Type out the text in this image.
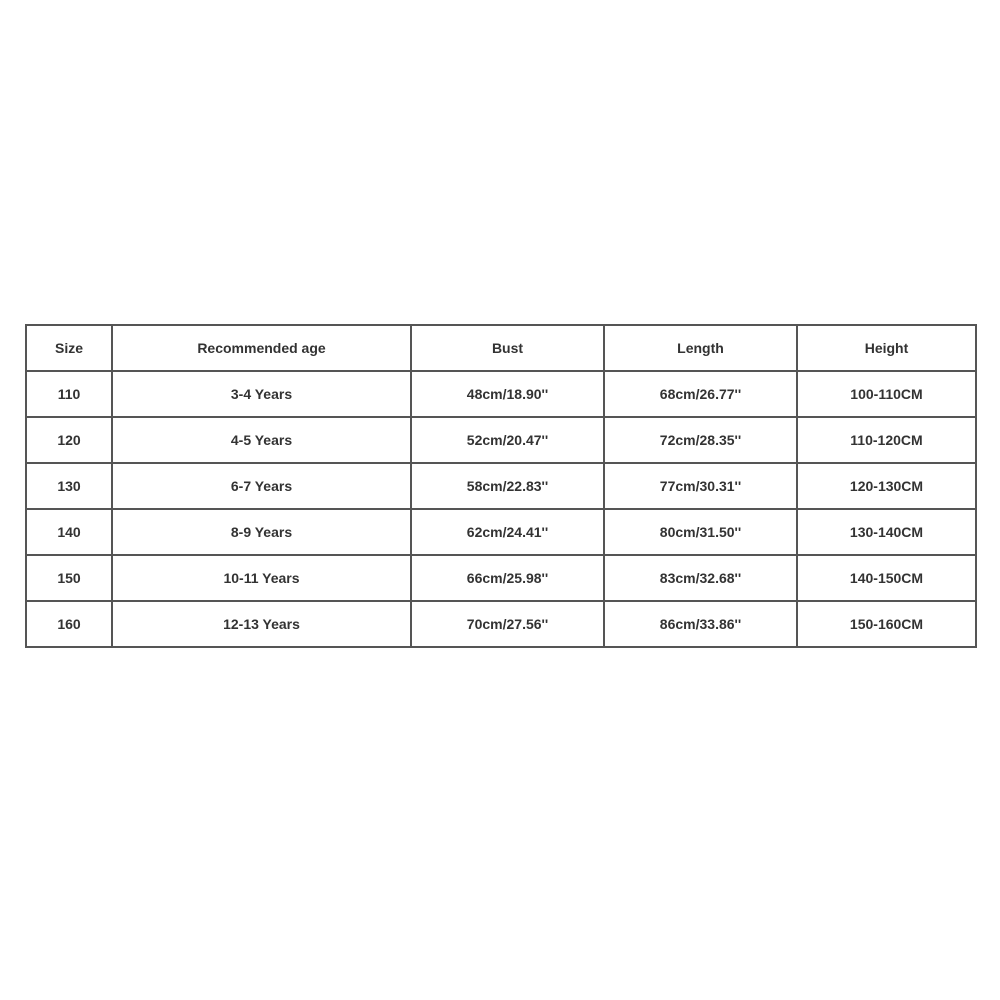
Size	Recommended age	Bust	Length	Height
110	3-4 Years	48cm/18.90''	68cm/26.77''	100-110CM
120	4-5 Years	52cm/20.47''	72cm/28.35''	110-120CM
130	6-7 Years	58cm/22.83''	77cm/30.31''	120-130CM
140	8-9 Years	62cm/24.41''	80cm/31.50''	130-140CM
150	10-11 Years	66cm/25.98''	83cm/32.68''	140-150CM
160	12-13 Years	70cm/27.56''	86cm/33.86''	150-160CM
